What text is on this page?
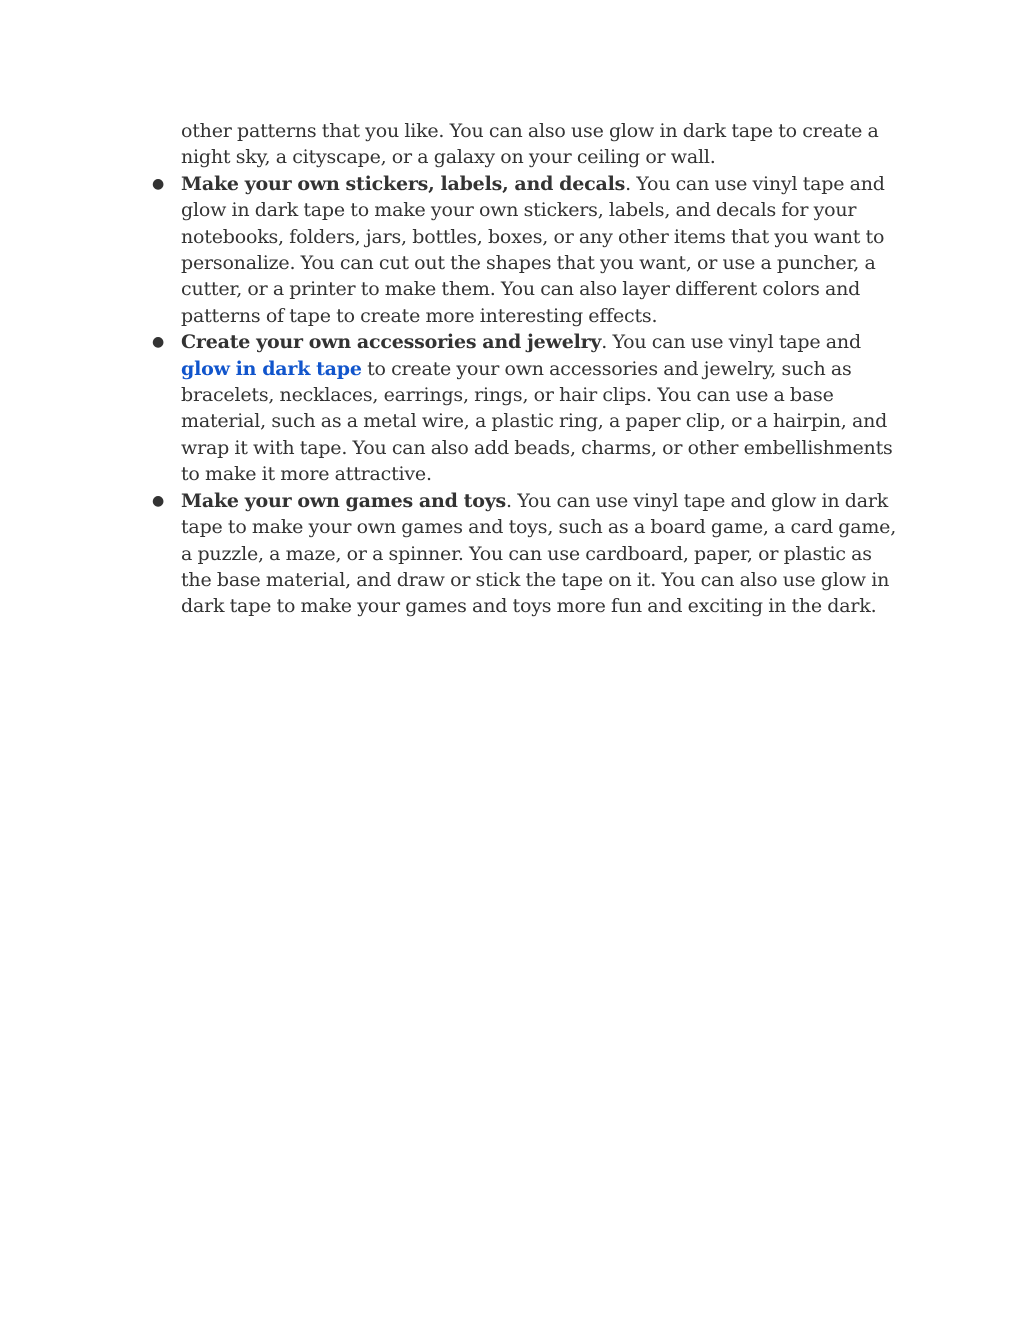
other patterns that you like. You can also use glow in dark tape to create a night sky, a cityscape, or a galaxy on your ceiling or wall.

● Make your own stickers, labels, and decals. You can use vinyl tape and glow in dark tape to make your own stickers, labels, and decals for your notebooks, folders, jars, bottles, boxes, or any other items that you want to personalize. You can cut out the shapes that you want, or use a puncher, a cutter, or a printer to make them. You can also layer different colors and patterns of tape to create more interesting effects.
● Create your own accessories and jewelry. You can use vinyl tape and glow in dark tape to create your own accessories and jewelry, such as bracelets, necklaces, earrings, rings, or hair clips. You can use a base material, such as a metal wire, a plastic ring, a paper clip, or a hairpin, and wrap it with tape. You can also add beads, charms, or other embellishments to make it more attractive.
● Make your own games and toys. You can use vinyl tape and glow in dark tape to make your own games and toys, such as a board game, a card game, a puzzle, a maze, or a spinner. You can use cardboard, paper, or plastic as the base material, and draw or stick the tape on it. You can also use glow in dark tape to make your games and toys more fun and exciting in the dark.
